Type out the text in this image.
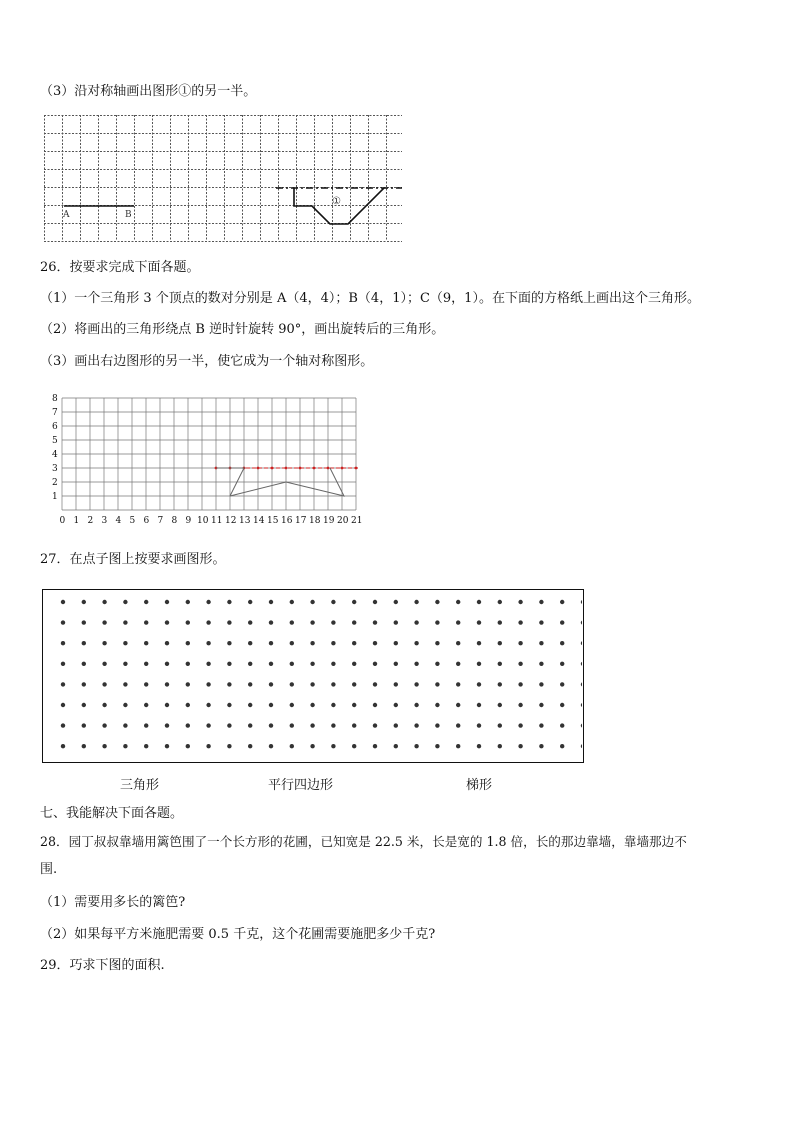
（3）沿对称轴画出图形①的另一半。
A	B
①
26．按要求完成下面各题。
（1）一个三角形 3 个顶点的数对分别是 A（4，4）；B（4，1）；C（9，1）。在下面的方格纸上画出这个三角形。
（2）将画出的三角形绕点 B 逆时针旋转 90°，画出旋转后的三角形。
（3）画出右边图形的另一半，使它成为一个轴对称图形。
1
2
3
4
5
6
7
8
0 1 2 3 4 5 6 7 8 9 10 11 12 13 14 15 16 17 18 19 20 21
27．在点子图上按要求画图形。
三角形	平行四边形	梯形
七、我能解决下面各题。
28．园丁叔叔靠墙用篱笆围了一个长方形的花圃，已知宽是 22.5 米，长是宽的 1.8 倍，长的那边靠墙，靠墙那边不
围.
（1）需要用多长的篱笆?
（2）如果每平方米施肥需要 0.5 千克，这个花圃需要施肥多少千克?
29．巧求下图的面积.
